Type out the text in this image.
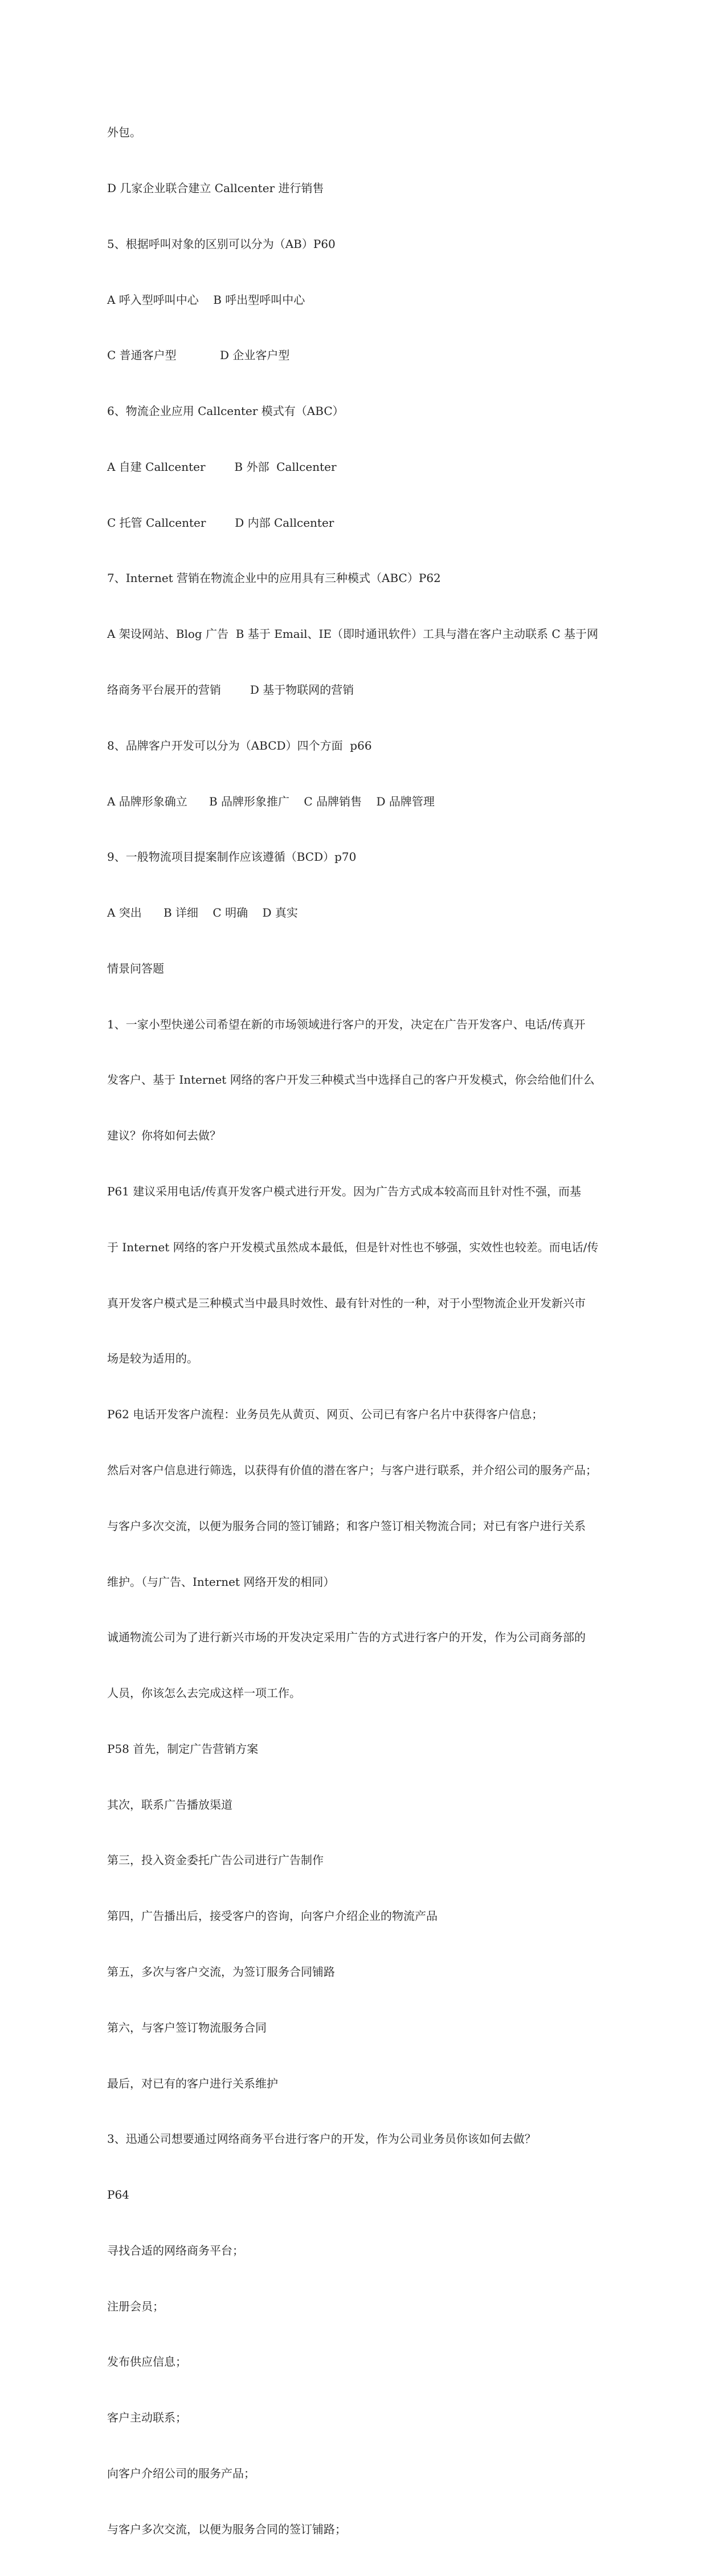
外包。

D 几家企业联合建立 Callcenter 进行销售

5、根据呼叫对象的区别可以分为（AB）P60

A 呼入型呼叫中心    B 呼出型呼叫中心

C 普通客户型            D 企业客户型

6、物流企业应用 Callcenter 模式有（ABC）

A 自建 Callcenter        B 外部  Callcenter

C 托管 Callcenter        D 内部 Callcenter

7、Internet 营销在物流企业中的应用具有三种模式（ABC）P62

A 架设网站、Blog 广告  B 基于 Email、IE（即时通讯软件）工具与潜在客户主动联系 C 基于网

络商务平台展开的营销        D 基于物联网的营销

8、品牌客户开发可以分为（ABCD）四个方面  p66

A 品牌形象确立      B 品牌形象推广    C 品牌销售    D 品牌管理

9、一般物流项目提案制作应该遵循（BCD）p70

A 突出      B 详细    C 明确    D 真实

情景问答题

1、一家小型快递公司希望在新的市场领域进行客户的开发，决定在广告开发客户、电话/传真开

发客户、基于 Internet 网络的客户开发三种模式当中选择自己的客户开发模式，你会给他们什么

建议？你将如何去做？

P61 建议采用电话/传真开发客户模式进行开发。因为广告方式成本较高而且针对性不强，而基

于 Internet 网络的客户开发模式虽然成本最低，但是针对性也不够强，实效性也较差。而电话/传

真开发客户模式是三种模式当中最具时效性、最有针对性的一种，对于小型物流企业开发新兴市

场是较为适用的。

P62 电话开发客户流程：业务员先从黄页、网页、公司已有客户名片中获得客户信息；

然后对客户信息进行筛选，以获得有价值的潜在客户；与客户进行联系，并介绍公司的服务产品；

与客户多次交流，以便为服务合同的签订铺路；和客户签订相关物流合同；对已有客户进行关系

维护。（与广告、Internet 网络开发的相同）

诚通物流公司为了进行新兴市场的开发决定采用广告的方式进行客户的开发，作为公司商务部的

人员，你该怎么去完成这样一项工作。

P58 首先，制定广告营销方案

其次，联系广告播放渠道

第三，投入资金委托广告公司进行广告制作

第四，广告播出后，接受客户的咨询，向客户介绍企业的物流产品

第五，多次与客户交流，为签订服务合同铺路

第六，与客户签订物流服务合同

最后，对已有的客户进行关系维护

3、迅通公司想要通过网络商务平台进行客户的开发，作为公司业务员你该如何去做？

P64

寻找合适的网络商务平台；

注册会员；

发布供应信息；

客户主动联系；

向客户介绍公司的服务产品；

与客户多次交流，以便为服务合同的签订铺路；
